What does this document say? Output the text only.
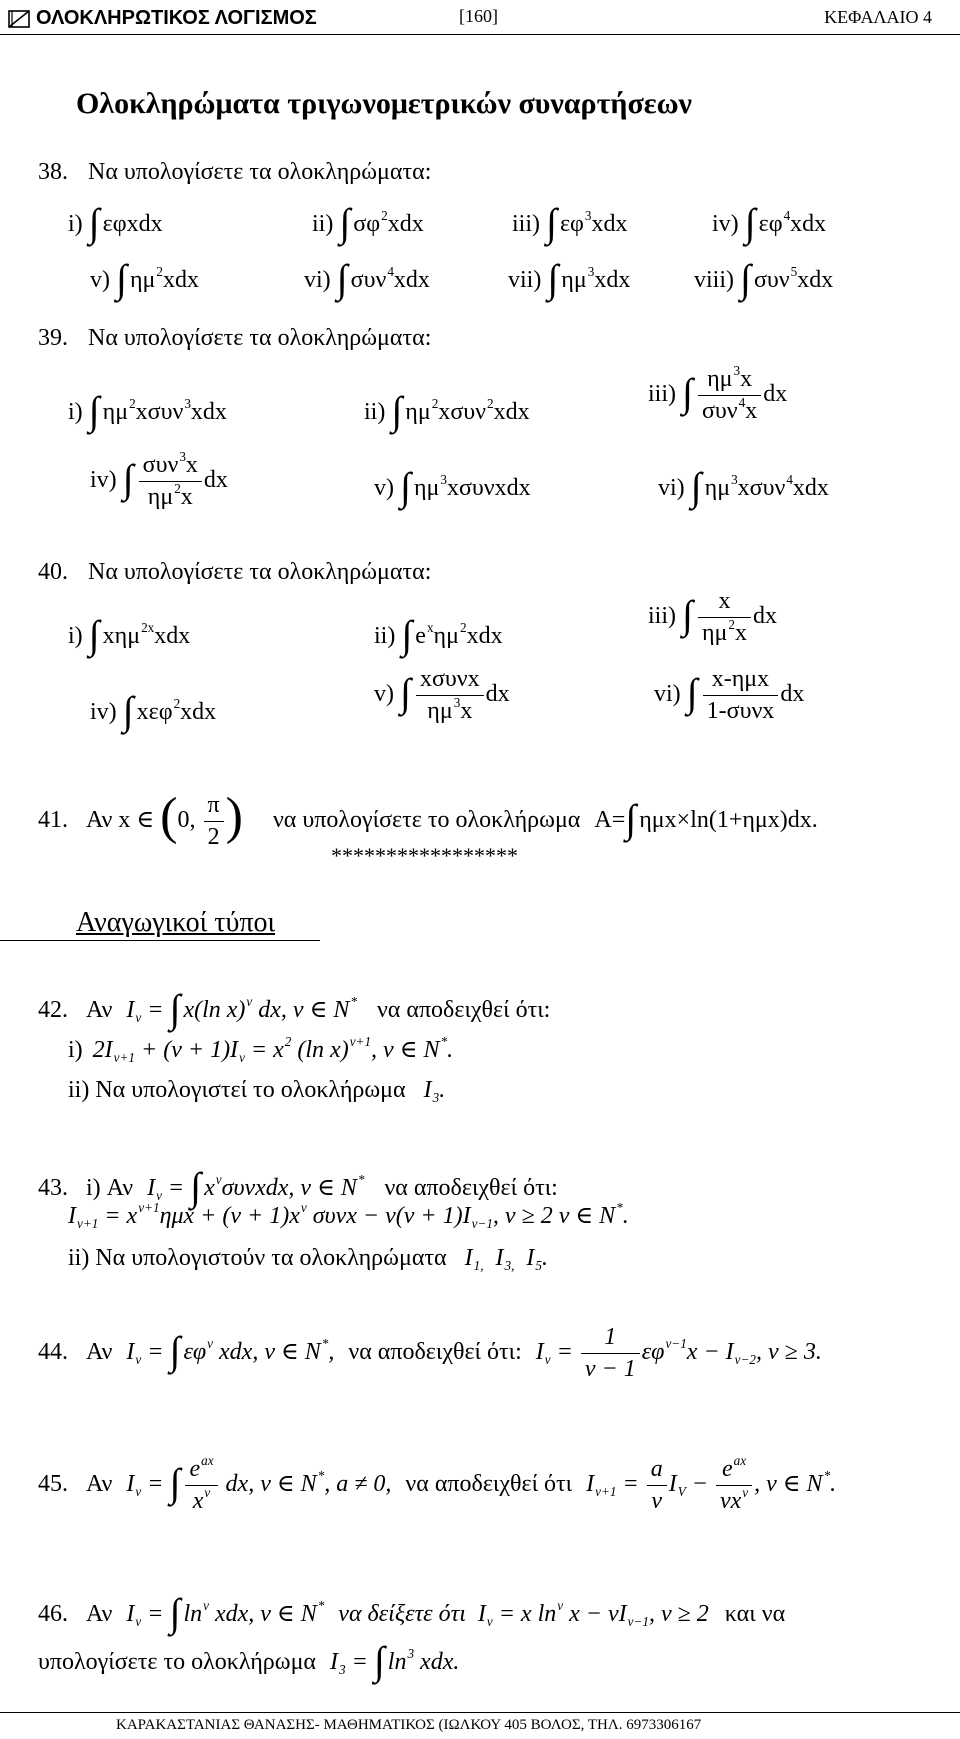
ΟΛΟΚΛΗΡΩΤΙΚΟΣ ΛΟΓΙΣΜΟΣ	[160]	ΚΕΦΑΛΑΙΟ 4
Ολοκληρώματα τριγωνομετρικών συναρτήσεων
38. Να υπολογίσετε τα ολοκληρώματα:
i) ∫ εφxdx	ii) ∫ $\sigma\varphi^2xdx$	iii) ∫ $\varepsilon\varphi^3xdx$	iv) ∫ $\varepsilon\varphi^4xdx$
v) ∫ $\eta\mu^2xdx$	vi) ∫ συν$^4$xdx	vii) ∫ $\eta\mu^3xdx$	viii) ∫ συν$^5$xdx
39. Να υπολογίσετε τα ολοκληρώματα:
i) ∫ $\eta\mu^2x\sigma\upsilon\nu^3xdx$	ii) ∫ $\eta\mu^2x\sigma\upsilon\nu^2xdx$
iii) ∫ $\frac{\eta\mu^3x}{\sigma\upsilon\nu^4x}$ dx
iv) ∫ $\frac{\sigma\upsilon\nu^3x}{\eta\mu^2x}$ dx	v) ∫ $\eta\mu^3x\sigma\upsilon\nu xdx$	vi) ∫ $\eta\mu^3x\sigma\upsilon\nu^4xdx$
40. Να υπολογίσετε τα ολοκληρώματα:
i) ∫ xημ$^{2x}$xdx	ii) ∫ $e^x\eta\mu^2xdx$
iii) ∫ $\frac{x}{\eta\mu^2x}$ dx
iv) ∫ xεφ$^2$xdx
v) ∫ $\frac{\text{xσυνx}}{\eta\mu^3x}$ dx	vi) ∫ $\frac{\text{x-ημx}}{\text{1-συνx}}$ dx
41. Αν x ∈ (0, $\frac{\pi}{2}$ ) να υπολογίσετε το ολοκλήρωμα A=∫ ημx×ln(1+ημx)dx.
*****************
Αναγωγικοί τύποι
42. Αν Iν = ∫ x(ln x)$^\nu$ dx, ν ∈ N* να αποδειχθεί ότι:
i) $2I\nu+1 + (\nu + 1)I\nu = x^2$ (ln x)$^{\nu+1}$, ν ∈ N*.
ii) Να υπολογιστεί το ολοκλήρωμα I3.
43. i) Αν Iν = ∫ $x^\nu\sigma\upsilon\nu xdx$, ν ∈ N* να αποδειχθεί ότι:
$I\nu+1 = x^{\nu+1}\eta\mu x + (\nu + 1)x^\nu$ συνx − ν(ν + 1)Iν−1, ν ≥ 2 ν ∈ N*.
ii) Να υπολογιστούν τα ολοκληρώματα I1,  I3,  I5.
44. Αν Iν = ∫ $\varepsilon\varphi^\nu$ xdx, ν ∈ N*, να αποδειχθεί ότι: $I\nu = \frac{1}{\nu - 1} \varepsilon\varphi^{\nu-1}x - I\nu-2$, ν ≥ 3.
45. Αν Iν = ∫ $\frac{e^{ax}}{x^\nu}$ dx, ν ∈ N*, a ≠ 0, να αποδειχθεί ότι $I\nu+1 = \frac{a}{\nu}$ IV − $\frac{e^{ax}}{\nu x^\nu}$ , ν ∈ N*.
46. Αν Iν = ∫ $\ln^\nu$ xdx, ν ∈ N* να δείξετε ότι Iν = x $\ln^\nu x - \nu I\nu-1$, ν ≥ 2 και να
υπολογίσετε το ολοκλήρωμα I3 = ∫ $\ln^3$ xdx.
ΚΑΡΑΚΑΣΤΑΝΙΑΣ ΘΑΝΑΣΗΣ- ΜΑΘΗΜΑΤΙΚΟΣ (ΙΩΛΚΟΥ 405 ΒΟΛΟΣ, ΤΗΛ. 6973306167
